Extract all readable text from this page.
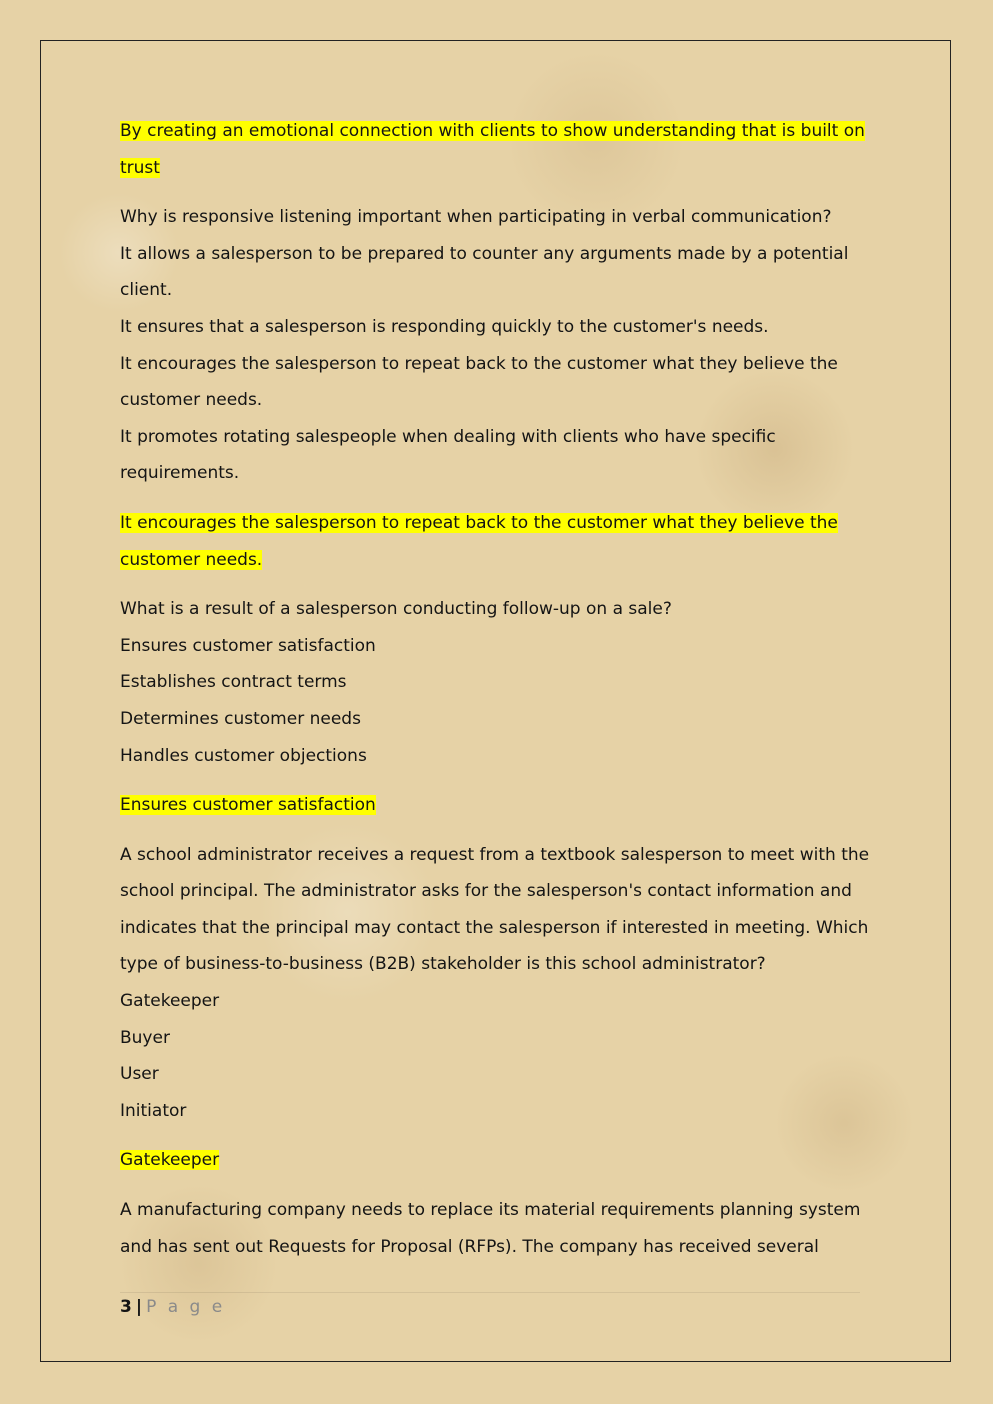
By creating an emotional connection with clients to show understanding that is built on trust

Why is responsive listening important when participating in verbal communication?

It allows a salesperson to be prepared to counter any arguments made by a potential client.

It ensures that a salesperson is responding quickly to the customer's needs.

It encourages the salesperson to repeat back to the customer what they believe the customer needs.

It promotes rotating salespeople when dealing with clients who have specific requirements.

It encourages the salesperson to repeat back to the customer what they believe the customer needs.

What is a result of a salesperson conducting follow-up on a sale?

Ensures customer satisfaction

Establishes contract terms

Determines customer needs

Handles customer objections

Ensures customer satisfaction

A school administrator receives a request from a textbook salesperson to meet with the school principal. The administrator asks for the salesperson's contact information and indicates that the principal may contact the salesperson if interested in meeting. Which type of business-to-business (B2B) stakeholder is this school administrator?

Gatekeeper

Buyer

User

Initiator

Gatekeeper

A manufacturing company needs to replace its material requirements planning system and has sent out Requests for Proposal (RFPs). The company has received several

3 | P a g e
